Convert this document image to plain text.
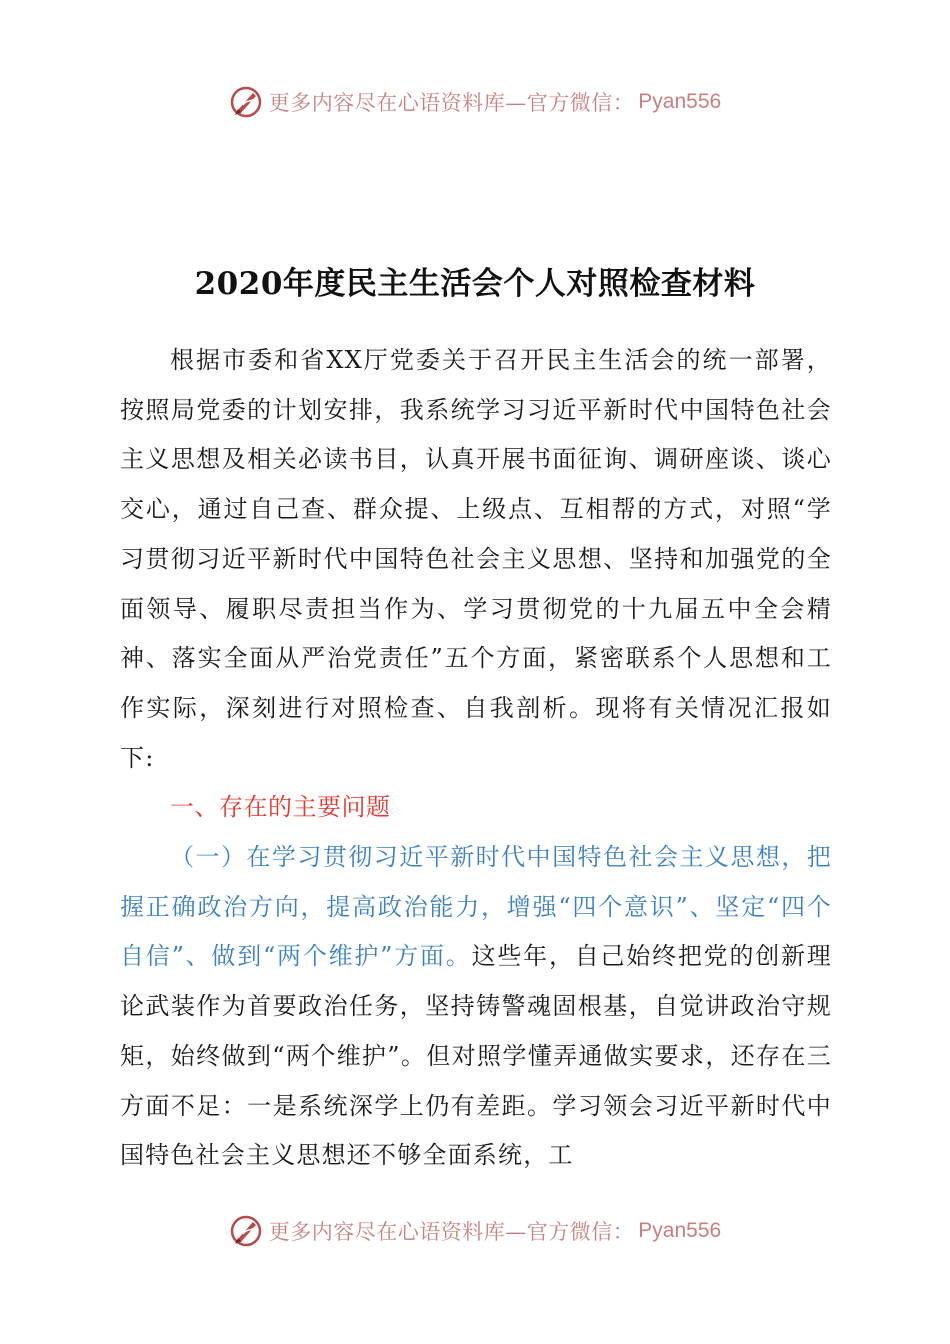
更多内容尽在心语资料库—官方微信： Pyan556
2020年度民主生活会个人对照检查材料

根据市委和省XX厅党委关于召开民主生活会的统一部署，按照局党委的计划安排，我系统学习习近平新时代中国特色社会主义思想及相关必读书目，认真开展书面征询、调研座谈、谈心交心，通过自己查、群众提、上级点、互相帮的方式，对照“学习贯彻习近平新时代中国特色社会主义思想、坚持和加强党的全面领导、履职尽责担当作为、学习贯彻党的十九届五中全会精神、落实全面从严治党责任”五个方面，紧密联系个人思想和工作实际，深刻进行对照检查、自我剖析。现将有关情况汇报如下:

一、存在的主要问题

（一）在学习贯彻习近平新时代中国特色社会主义思想，把握正确政治方向，提高政治能力，增强“四个意识”、坚定“四个自信”、做到“两个维护”方面。这些年，自己始终把党的创新理论武装作为首要政治任务，坚持铸警魂固根基，自觉讲政治守规矩，始终做到“两个维护”。但对照学懂弄通做实要求，还存在三方面不足：一是系统深学上仍有差距。学习领会习近平新时代中国特色社会主义思想还不够全面系统，工

更多内容尽在心语资料库—官方微信： Pyan556
